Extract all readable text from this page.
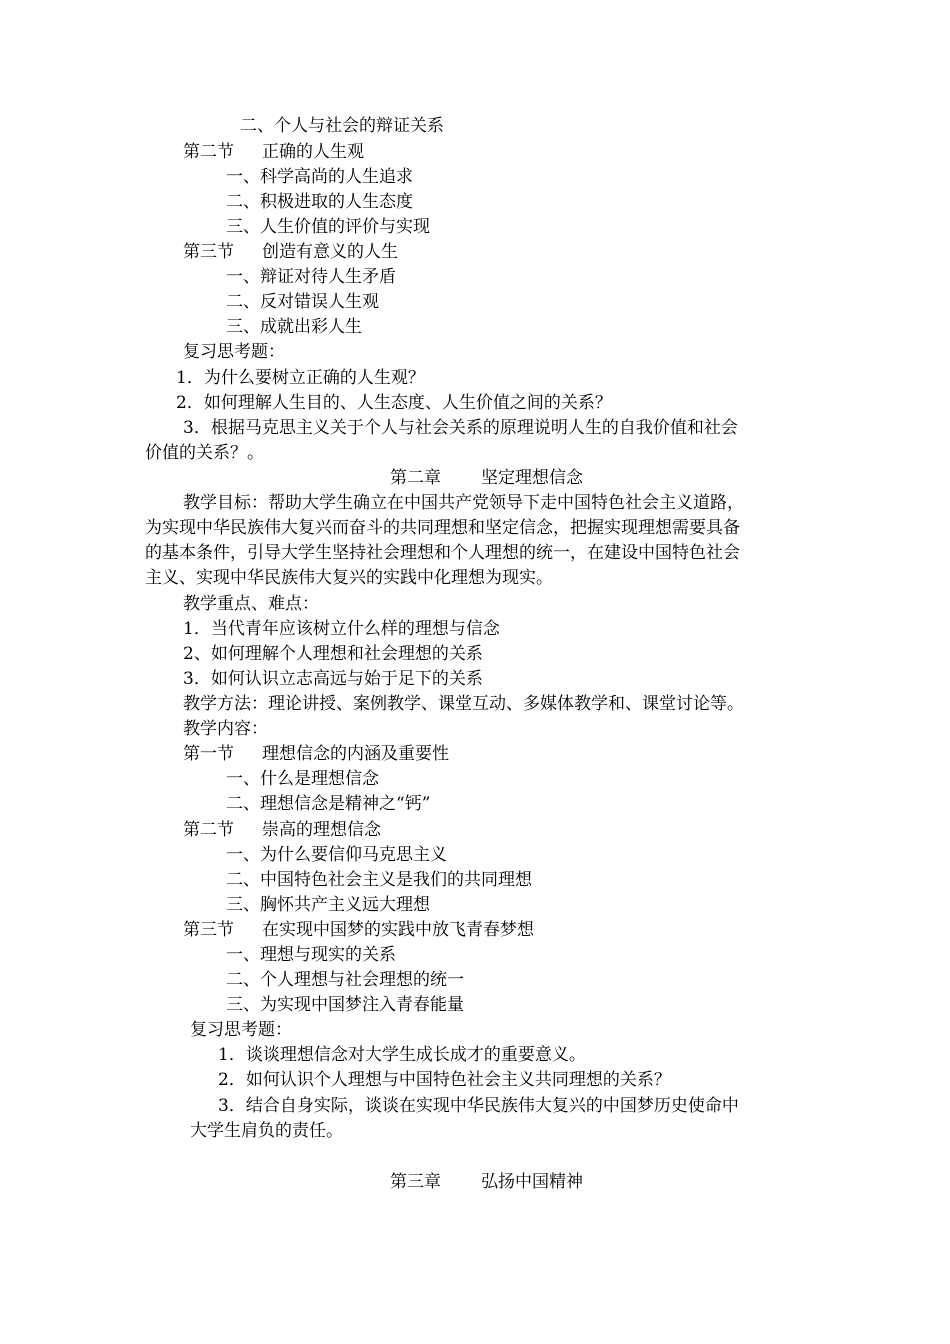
二、个人与社会的辩证关系
第二节 正确的人生观
一、科学高尚的人生追求
二、积极进取的人生态度
三、人生价值的评价与实现
第三节 创造有意义的人生
一、辩证对待人生矛盾
二、反对错误人生观
三、成就出彩人生
复习思考题：
1．为什么要树立正确的人生观？
2．如何理解人生目的、人生态度、人生价值之间的关系？
3．根据马克思主义关于个人与社会关系的原理说明人生的自我价值和社会
价值的关系？。
第二章 坚定理想信念
教学目标：帮助大学生确立在中国共产党领导下走中国特色社会主义道路，
为实现中华民族伟大复兴而奋斗的共同理想和坚定信念，把握实现理想需要具备
的基本条件，引导大学生坚持社会理想和个人理想的统一，在建设中国特色社会
主义、实现中华民族伟大复兴的实践中化理想为现实。
教学重点、难点：
1．当代青年应该树立什么样的理想与信念
2、如何理解个人理想和社会理想的关系
3．如何认识立志高远与始于足下的关系
教学方法：理论讲授、案例教学、课堂互动、多媒体教学和、课堂讨论等。
教学内容：
第一节 理想信念的内涵及重要性
一、什么是理想信念
二、理想信念是精神之“钙”
第二节 崇高的理想信念
一、为什么要信仰马克思主义
二、中国特色社会主义是我们的共同理想
三、胸怀共产主义远大理想
第三节 在实现中国梦的实践中放飞青春梦想
一、理想与现实的关系
二、个人理想与社会理想的统一
三、为实现中国梦注入青春能量
复习思考题：
1．谈谈理想信念对大学生成长成才的重要意义。
2．如何认识个人理想与中国特色社会主义共同理想的关系？
3．结合自身实际，谈谈在实现中华民族伟大复兴的中国梦历史使命中
大学生肩负的责任。
第三章 弘扬中国精神
